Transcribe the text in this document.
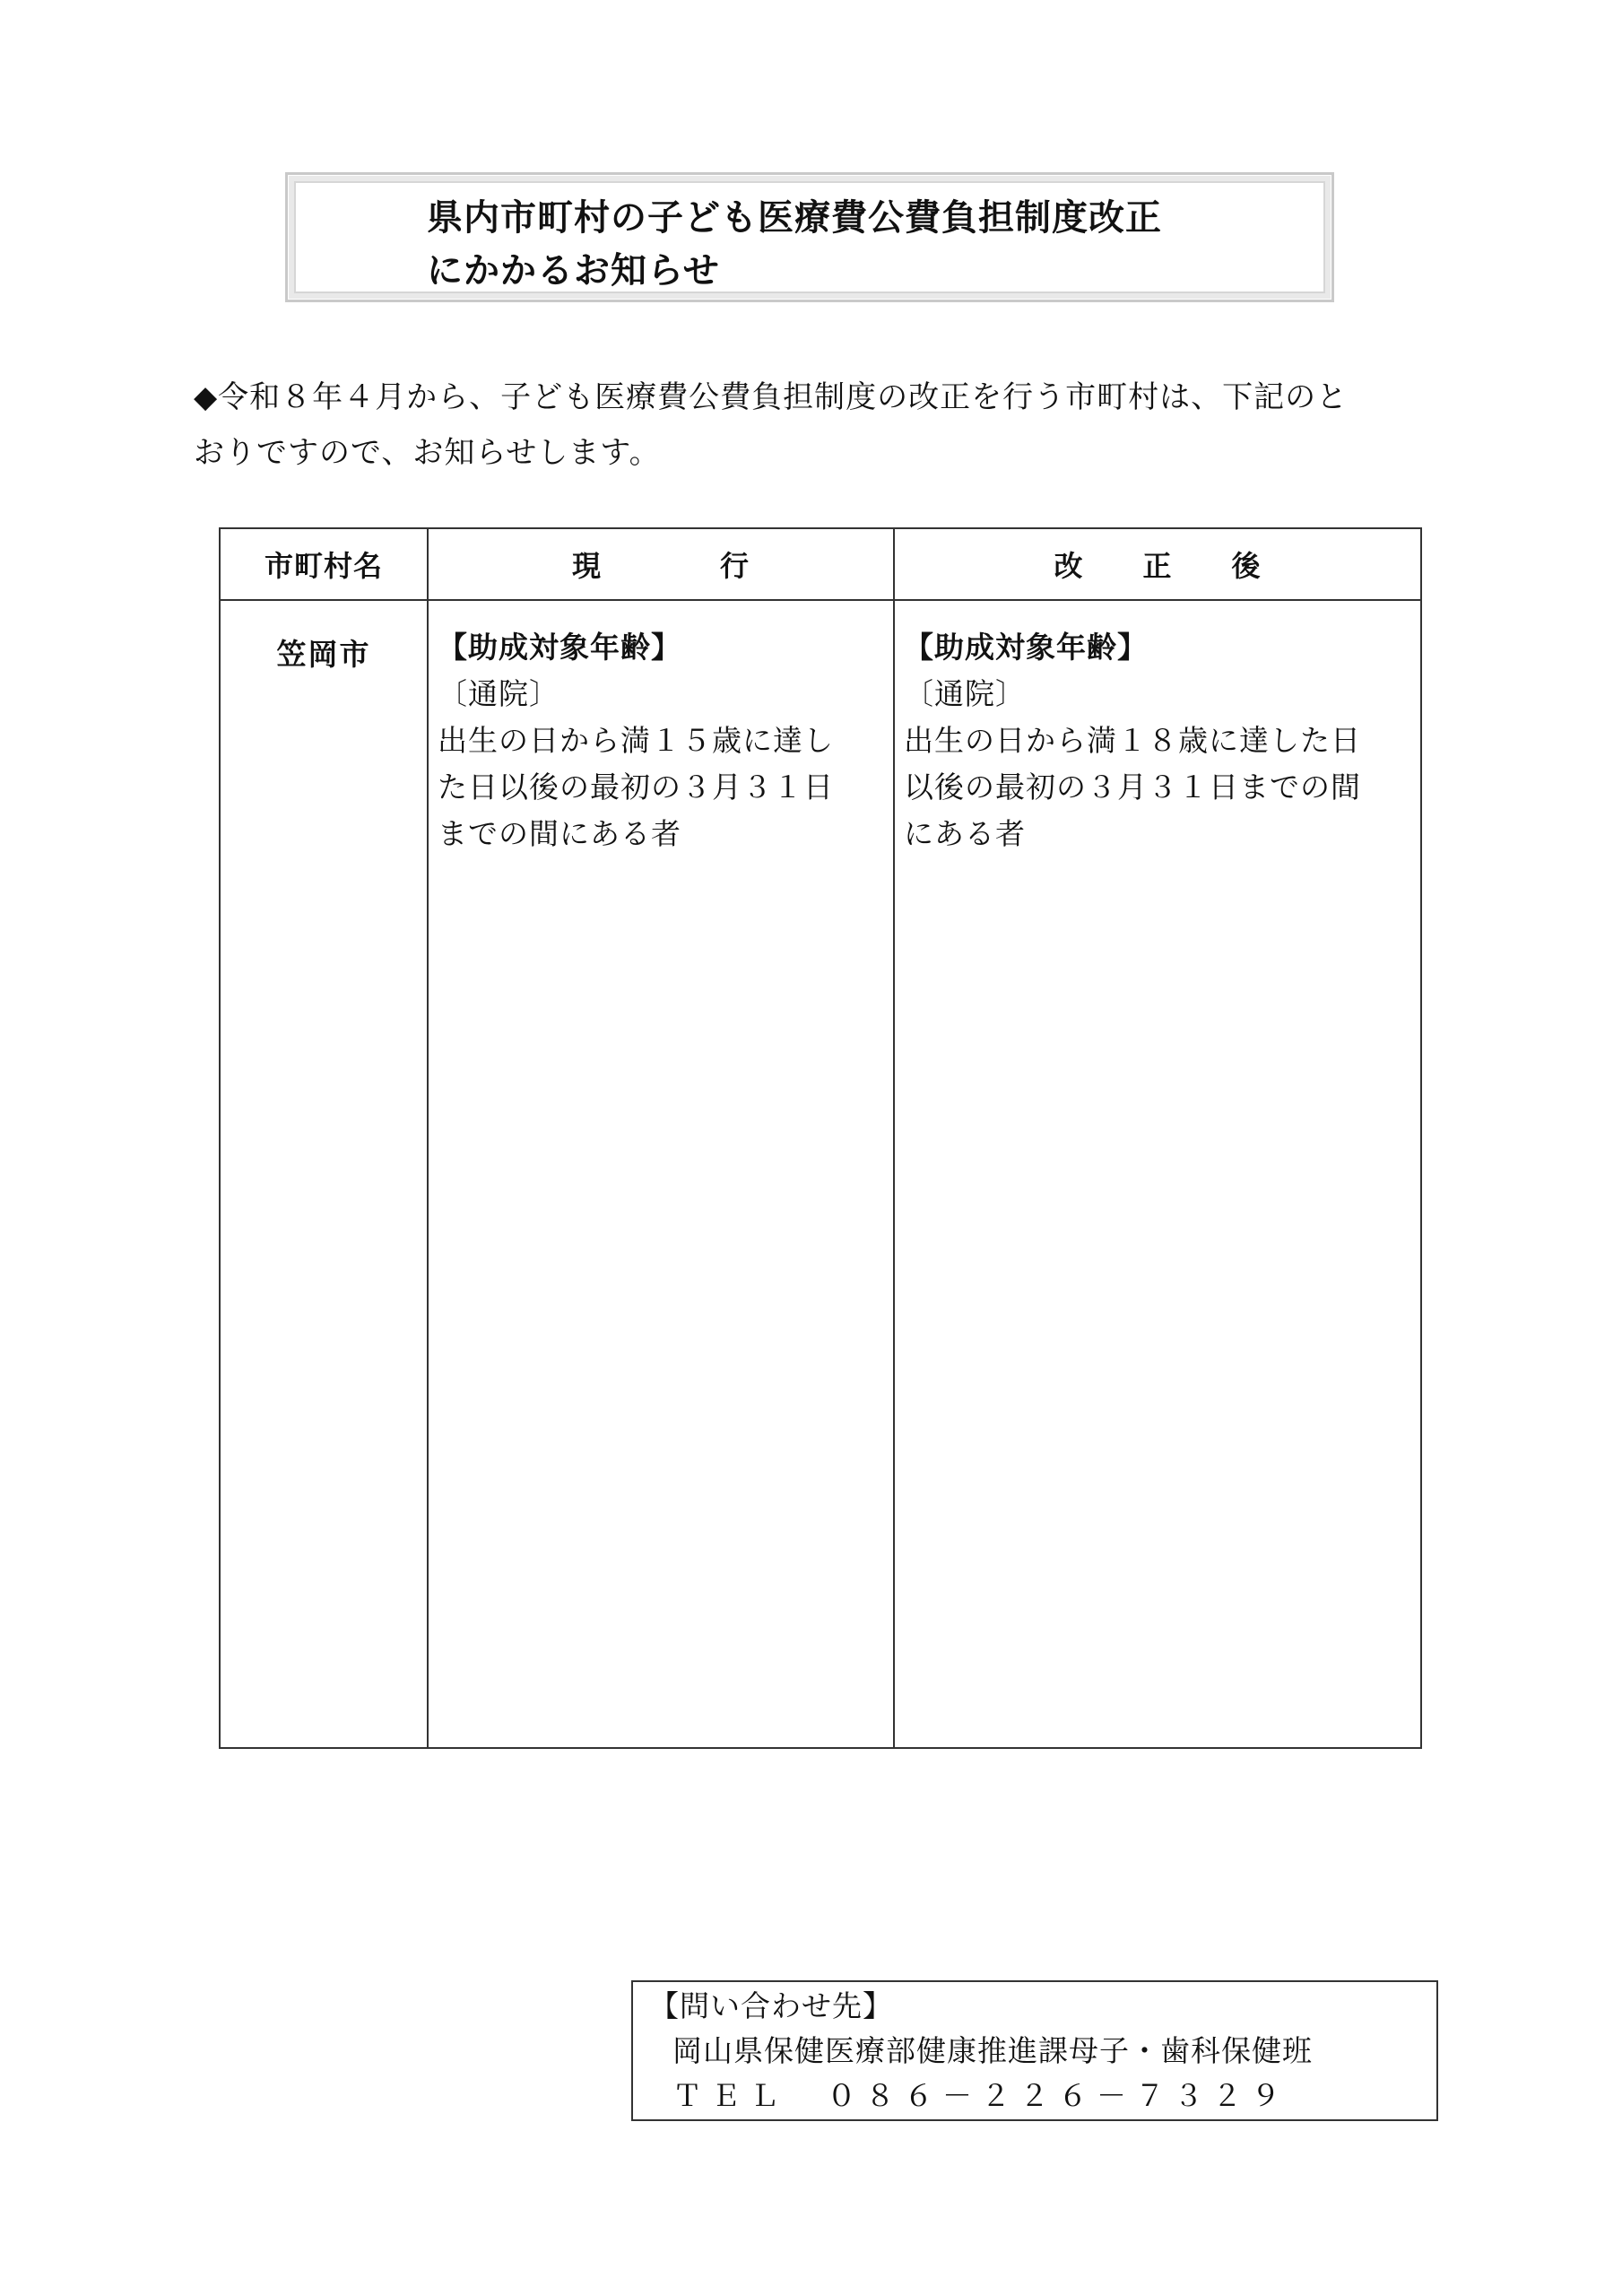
県内市町村の子ども医療費公費負担制度改正
にかかるお知らせ

◆令和８年４月から、子ども医療費公費負担制度の改正を行う市町村は、下記のと
おりですので、お知らせします。

市町村名	現　　　　行	改　　正　　後
笠岡市	【助成対象年齢】
〔通院〕
出生の日から満１５歳に達し
た日以後の最初の３月３１日
までの間にある者	【助成対象年齢】
〔通院〕
出生の日から満１８歳に達した日
以後の最初の３月３１日までの間
にある者
【問い合わせ先】
岡山県保健医療部健康推進課母子・歯科保健班
ＴＥＬ　０８６－２２６－７３２９
